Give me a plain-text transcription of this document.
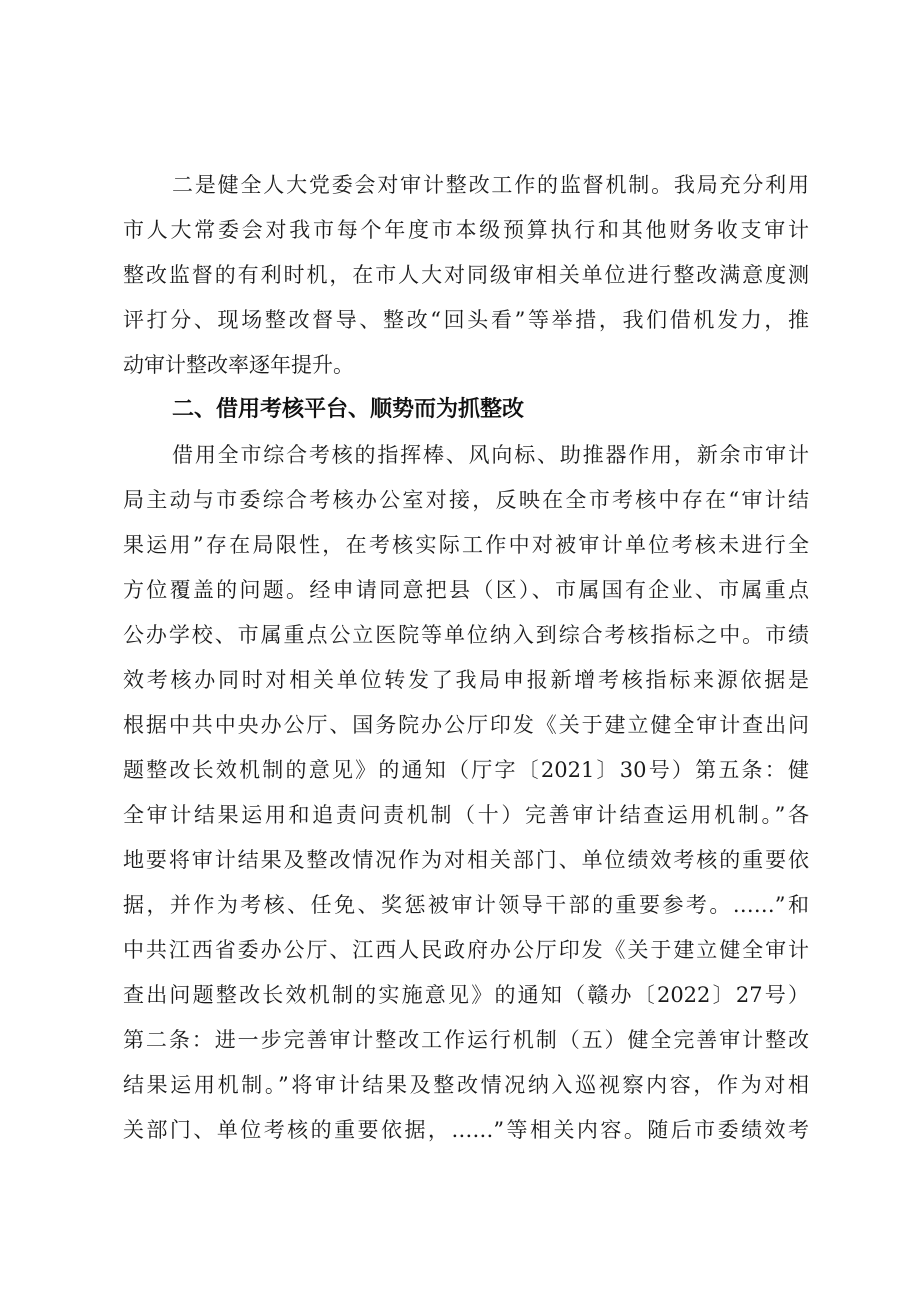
二是健全人大党委会对审计整改工作的监督机制。我局充分利用
市人大常委会对我市每个年度市本级预算执行和其他财务收支审计
整改监督的有利时机，在市人大对同级审相关单位进行整改满意度测
评打分、现场整改督导、整改“回头看”等举措，我们借机发力，推
动审计整改率逐年提升。
二、借用考核平台、顺势而为抓整改
借用全市综合考核的指挥棒、风向标、助推器作用，新余市审计
局主动与市委综合考核办公室对接，反映在全市考核中存在“审计结
果运用”存在局限性，在考核实际工作中对被审计单位考核未进行全
方位覆盖的问题。经申请同意把县（区）、市属国有企业、市属重点
公办学校、市属重点公立医院等单位纳入到综合考核指标之中。市绩
效考核办同时对相关单位转发了我局申报新增考核指标来源依据是
根据中共中央办公厅、国务院办公厅印发《关于建立健全审计查出问
题整改长效机制的意见》的通知（厅字〔2021〕30号）第五条：健
全审计结果运用和追责问责机制（十）完善审计结查运用机制。”各
地要将审计结果及整改情况作为对相关部门、单位绩效考核的重要依
据，并作为考核、任免、奖惩被审计领导干部的重要参考。……”和
中共江西省委办公厅、江西人民政府办公厅印发《关于建立健全审计
查出问题整改长效机制的实施意见》的通知（赣办〔2022〕27号）
第二条：进一步完善审计整改工作运行机制（五）健全完善审计整改
结果运用机制。”将审计结果及整改情况纳入巡视察内容，作为对相
关部门、单位考核的重要依据，……”等相关内容。随后市委绩效考
